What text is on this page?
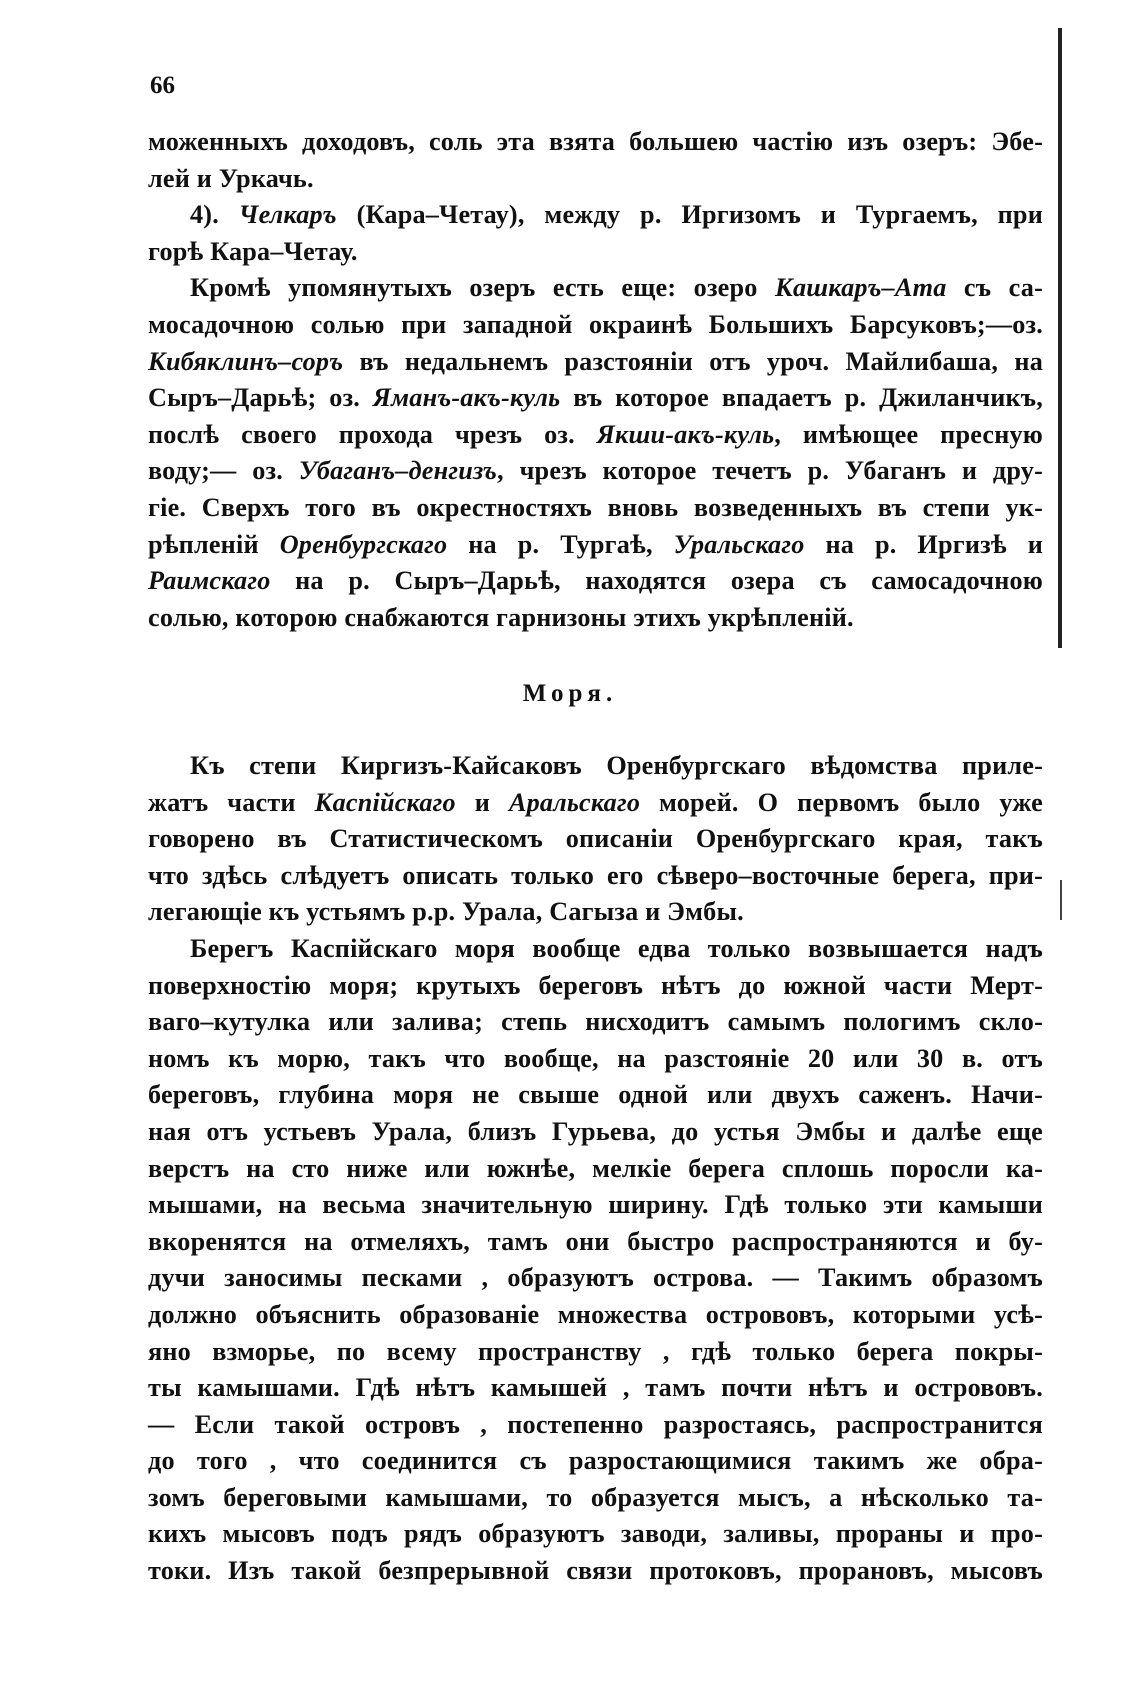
66
моженныхъ доходовъ, соль эта взята большею частію изъ озеръ: Эбе-
лей и Уркачь.
4). Челкаръ (Кара–Четау), между р. Иргизомъ и Тургаемъ, при
горѣ Кара–Четау.
Кромѣ упомянутыхъ озеръ есть еще: озеро Кашкаръ–Ата съ са-
мосадочною солью при западной окраинѣ Большихъ Барсуковъ;—оз.
Кибяклинъ–соръ въ недальнемъ разстояніи отъ уроч. Майлибаша, на
Сыръ–Дарьѣ; оз. Яманъ-акъ-куль въ которое впадаетъ р. Джиланчикъ,
послѣ своего прохода чрезъ оз. Якши-акъ-куль, имѣющее пресную
воду;— оз. Убаганъ–денгизъ, чрезъ которое течетъ р. Убаганъ и дру-
гіе. Сверхъ того въ окрестностяхъ вновь возведенныхъ въ степи ук-
рѣпленій Оренбургскаго на р. Тургаѣ, Уральскаго на р. Иргизѣ и
Раимскаго на р. Сыръ–Дарьѣ, находятся озера съ самосадочною
солью, которою снабжаются гарнизоны этихъ укрѣпленій.
Моря.
Къ степи Киргизъ-Кайсаковъ Оренбургскаго вѣдомства приле-
жатъ части Каспійскаго и Аральскаго морей. О первомъ было уже
говорено въ Статистическомъ описаніи Оренбургскаго края, такъ
что здѣсь слѣдуетъ описать только его сѣверо–восточные берега, при-
легающіе къ устьямъ р.р. Урала, Сагыза и Эмбы.
Берегъ Каспійскаго моря вообще едва только возвышается надъ
поверхностію моря; крутыхъ береговъ нѣтъ до южной части Мерт-
ваго–кутулка или залива; степь нисходитъ самымъ пологимъ скло-
номъ къ морю, такъ что вообще, на разстояніе 20 или 30 в. отъ
береговъ, глубина моря не свыше одной или двухъ саженъ. Начи-
ная отъ устьевъ Урала, близъ Гурьева, до устья Эмбы и далѣе еще
верстъ на сто ниже или южнѣе, мелкіе берега сплошь поросли ка-
мышами, на весьма значительную ширину. Гдѣ только эти камыши
вкоренятся на отмеляхъ, тамъ они быстро распространяются и бу-
дучи заносимы песками , образуютъ острова. — Такимъ образомъ
должно объяснить образованіе множества острововъ, которыми усѣ-
яно взморье, по всему пространству , гдѣ только берега покры-
ты камышами. Гдѣ нѣтъ камышей , тамъ почти нѣтъ и острововъ.
— Если такой островъ , постепенно разростаясь, распространится
до того , что соединится съ разростающимися такимъ же обра-
зомъ береговыми камышами, то образуется мысъ, а нѣсколько та-
кихъ мысовъ подъ рядъ образуютъ заводи, заливы, прораны и про-
токи. Изъ такой безпрерывной связи протоковъ, прорановъ, мысовъ
